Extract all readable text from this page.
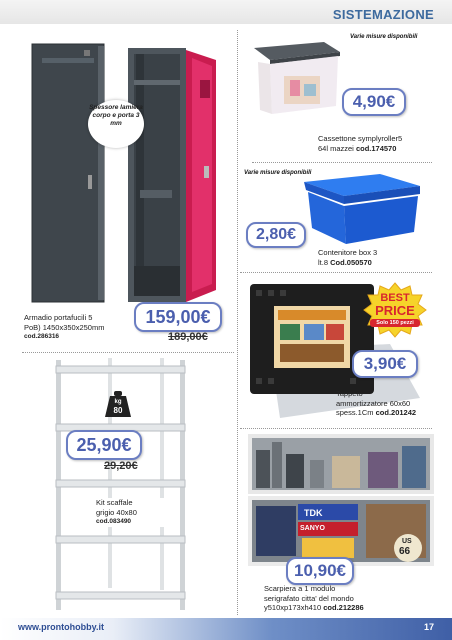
SISTEMAZIONE
Spessore lamiera corpo e porta 3 mm
Armadio portafucili 5
PoB) 1450x350x250mm
cod.286316
159,00€
189,00€
Varie misure disponibili
4,90€
Cassettone symplyroller5
64l mazzei cod.174570
Varie misure disponibili
2,80€
Contenitore box 3
lt.8 Cod.050570
BEST
PRICE
Solo 150 pezzi
3,90€
Tappeto
ammortizzatore 60x60
spess.1Cm cod.201242
kg
80
25,90€
29,20€
Kit scaffale
grigio 40x80
cod.083490
TDK
SANYO
US
66
10,90€
Scarpiera a 1 modulo
serigrafato citta' del mondo
y510xp173xh410 cod.212286
www.prontohobby.it	17
